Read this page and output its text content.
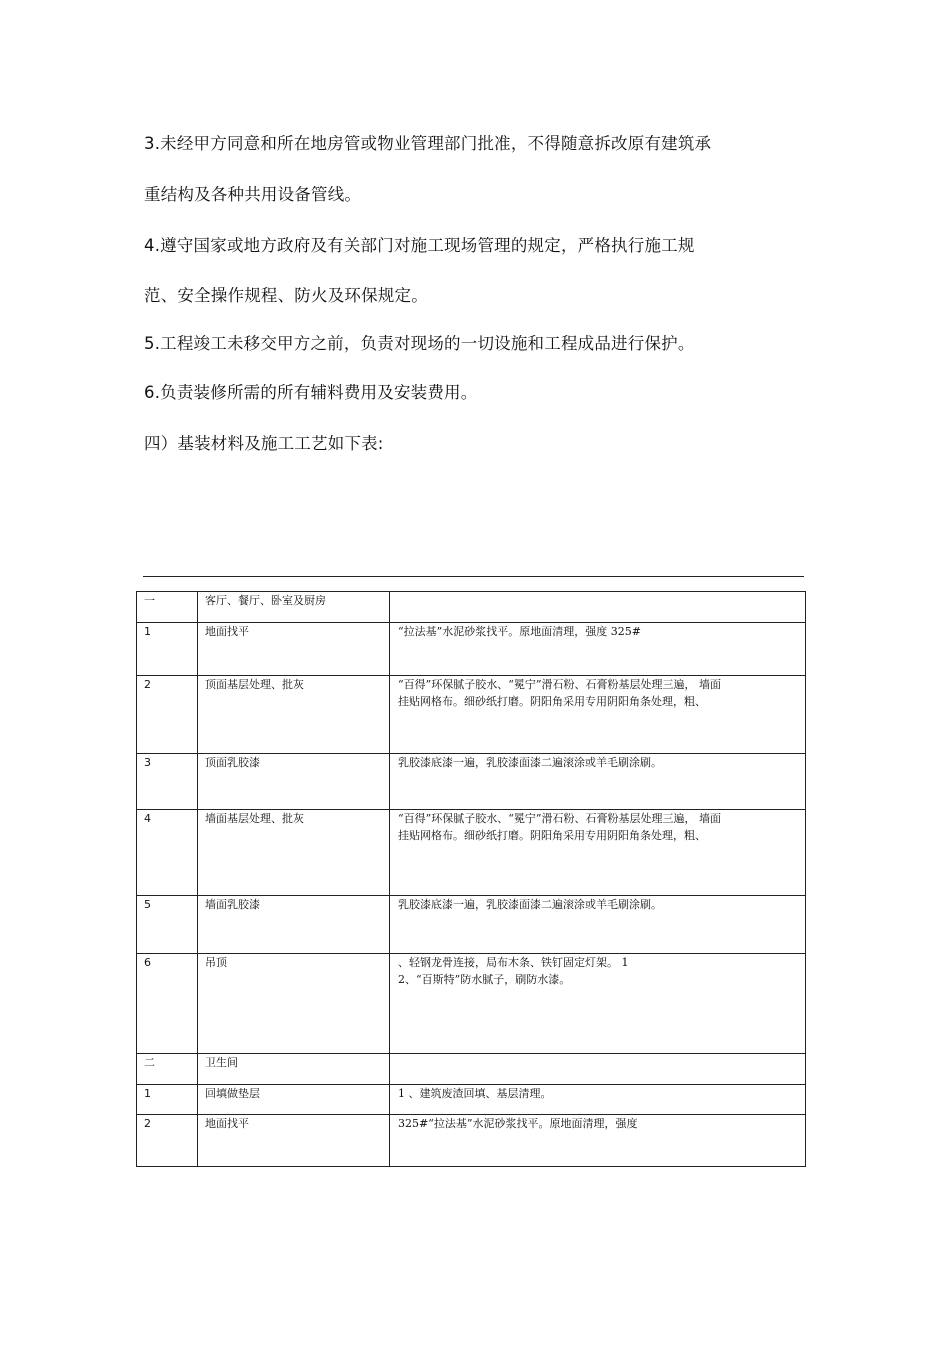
3.未经甲方同意和所在地房管或物业管理部门批准，不得随意拆改原有建筑承
重结构及各种共用设备管线。
4.遵守国家或地方政府及有关部门对施工现场管理的规定，严格执行施工规
范、安全操作规程、防火及环保规定。
5.工程竣工未移交甲方之前，负责对现场的一切设施和工程成品进行保护。
6.负责装修所需的所有辅料费用及安装费用。
四）基装材料及施工工艺如下表:
一	客厅、餐厅、卧室及厨房	

1	地面找平	“拉法基”水泥砂浆找平。原地面清理，强度 325#

2	顶面基层处理、批灰	“百得”环保腻子胶水、“冕宁”滑石粉、石膏粉基层处理三遍， 墙面
挂贴网格布。细砂纸打磨。阴阳角采用专用阴阳角条处理，粗、

3	顶面乳胶漆	乳胶漆底漆一遍，乳胶漆面漆二遍滚涂或羊毛刷涂刷。

4	墙面基层处理、批灰	“百得”环保腻子胶水、“冕宁”滑石粉、石膏粉基层处理三遍， 墙面
挂贴网格布。细砂纸打磨。阴阳角采用专用阴阳角条处理，粗、

5	墙面乳胶漆	乳胶漆底漆一遍，乳胶漆面漆二遍滚涂或羊毛刷涂刷。

6	吊顶	、轻钢龙骨连接，局布木条、铁钉固定灯架。 1
2、“百斯特”防水腻子，刷防水漆。

二	卫生间	

1	回填做垫层	1 、建筑废渣回填、基层清理。

2	地面找平	325#“拉法基”水泥砂浆找平。原地面清理，强度
